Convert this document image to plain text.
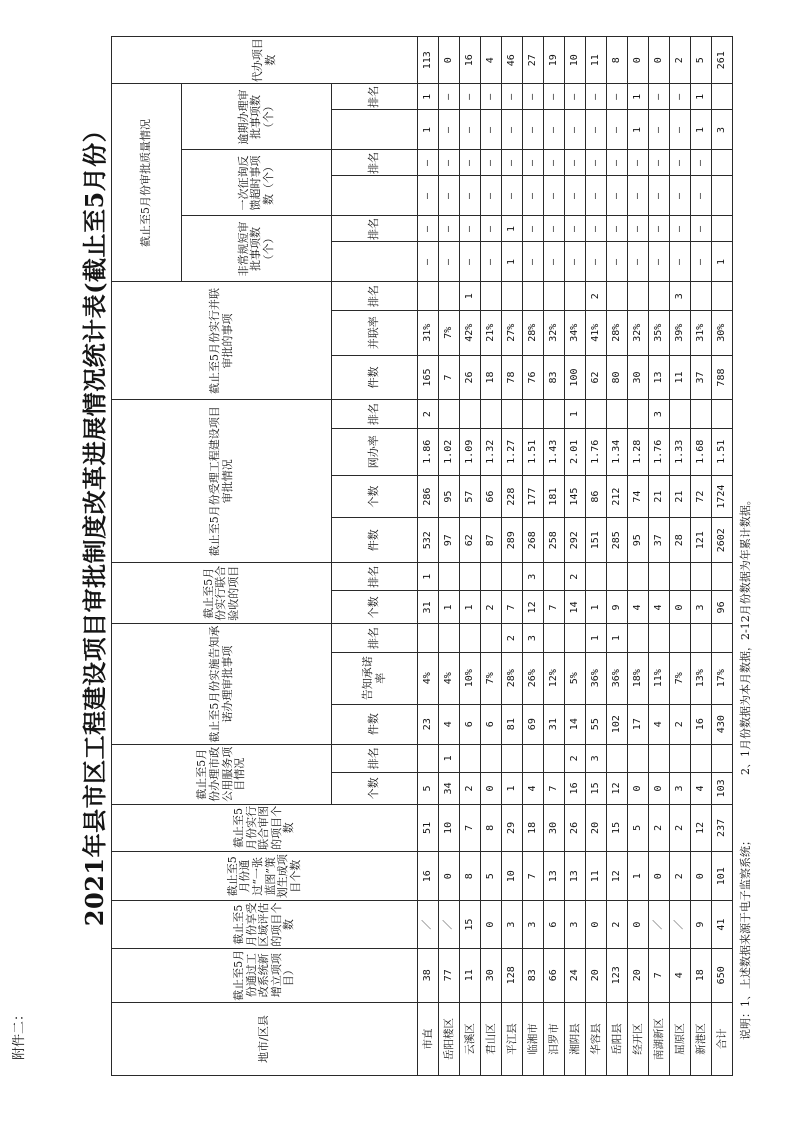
附件二：
2021年县市区工程建设项目审批制度改革进展情况统计表(截止至5月份）
地市/区县	截止至5月份通过工改系统新增立项项目）	截止至5月份享受区域评估的项目个数	截止至5月份通过“一张蓝图”策划生成项目个数	截止至5月份实行联合审图的项目个数	截止至5月份办理市政公用服务项目情况		截止至5月份实施告知承诺办理审批事项			截止至5月份实行联合验收的项目		截止至5月份受理工程建设项目审批情况				截止至5月份实行并联审批的事项			截止至5月份审批质量情况						代办项目数
																			非常规短审批事项数（个）		一次征询反馈超时事项数（个）		逾期办理审批事项数（个）		
					个数	排名	件数	告知承诺率	排名	个数	排名	件数	个数	网办率	排名	件数	并联率	排名		排名		排名		排名	
市直	38	／	16	51	5		23	4%		31	1	532	286	1.86	2	165	31%		—	—	—	—	1	1	113
岳阳楼区	77	／	0	10	34	1	4	4%		1		97	95	1.02		7	7%		—	—	—	—	—	—	0
云溪区	11	15	8	7	2		6	10%		1		62	57	1.09		26	42%	1	—	—	—	—	—	—	16
君山区	30	0	5	8	0		6	7%		2		87	66	1.32		18	21%		—	—	—	—	—	—	4
平江县	128	3	10	29	1		81	28%	2	7		289	228	1.27		78	27%		1	1	—	—	—	—	46
临湘市	83	3	7	18	4		69	26%	3	12	3	268	177	1.51		76	28%		—	—	—	—	—	—	27
汨罗市	66	6	13	30	7		31	12%		7		258	181	1.43		83	32%		—	—	—	—	—	—	19
湘阴县	24	3	13	26	16	2	14	5%		14	2	292	145	2.01	1	100	34%		—	—	—	—	—	—	10
华容县	20	0	11	20	15	3	55	36%	1	1		151	86	1.76		62	41%	2	—	—	—	—	—	—	11
岳阳县	123	2	12	15	12		102	36%	1	9		285	212	1.34		80	28%		—	—	—	—	—	—	8
经开区	20	0	1	5	0		17	18%		4		95	74	1.28		30	32%		—	—	—	—	1	1	0
南湖新区	7	／	0	2	0		4	11%		4		37	21	1.76	3	13	35%		—	—	—	—	—	—	0
屈原区	4	／	2	2	3		2	7%		0		28	21	1.33		11	39%	3	—	—	—	—	—	—	2
新港区	18	9	0	12	4		16	13%		3		121	72	1.68		37	31%		—	—	—	—	1	1	5
合计	650	41	101	237	103		430	17%		96		2602	1724	1.51		788	30%		1				3		261
说明：1、上述数据来源于电子监察系统；
2、1月份数据为本月数据，2-12月份数据为年累计数据。
